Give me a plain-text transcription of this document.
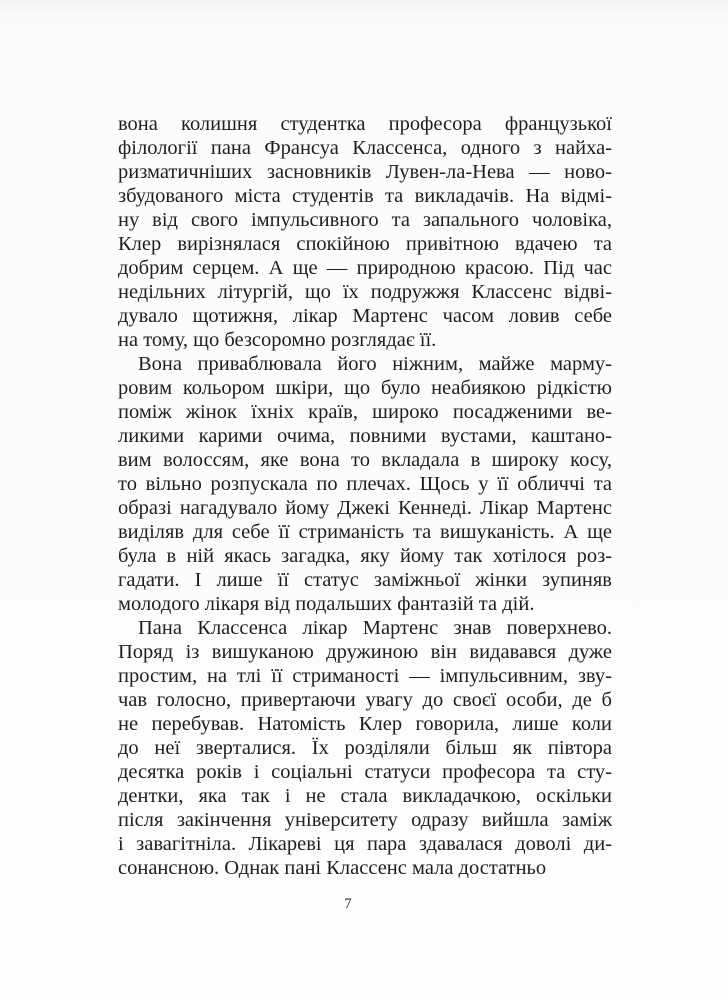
вона колишня студентка професора французької
філології пана Франсуа Классенса, одного з найха-
ризматичніших засновників Лувен-ла-Нева — ново-
збудованого міста студентів та викладачів. На відмі-
ну від свого імпульсивного та запального чоловіка,
Клер вирізнялася спокійною привітною вдачею та
добрим серцем. А ще — природною красою. Під час
недільних літургій, що їх подружжя Классенс відві-
дувало щотижня, лікар Мартенс часом ловив себе
на тому, що безсоромно розглядає її.
Вона приваблювала його ніжним, майже марму-
ровим кольором шкіри, що було неабиякою рідкістю
поміж жінок їхніх країв, широко посадженими ве-
ликими карими очима, повними вустами, каштано-
вим волоссям, яке вона то вкладала в широку косу,
то вільно розпускала по плечах. Щось у її обличчі та
образі нагадувало йому Джекі Кеннеді. Лікар Мартенс
виділяв для себе її стриманість та вишуканість. А ще
була в ній якась загадка, яку йому так хотілося роз-
гадати. І лише її статус заміжньої жінки зупиняв
молодого лікаря від подальших фантазій та дій.
Пана Классенса лікар Мартенс знав поверхнево.
Поряд із вишуканою дружиною він видавався дуже
простим, на тлі її стриманості — імпульсивним, зву-
чав голосно, привертаючи увагу до своєї особи, де б
не перебував. Натомість Клер говорила, лише коли
до неї зверталися. Їх розділяли більш як півтора
десятка років і соціальні статуси професора та сту-
дентки, яка так і не стала викладачкою, оскільки
після закінчення університету одразу вийшла заміж
і завагітніла. Лікареві ця пара здавалася доволі ди-
сонансною. Однак пані Классенс мала достатньо
7
